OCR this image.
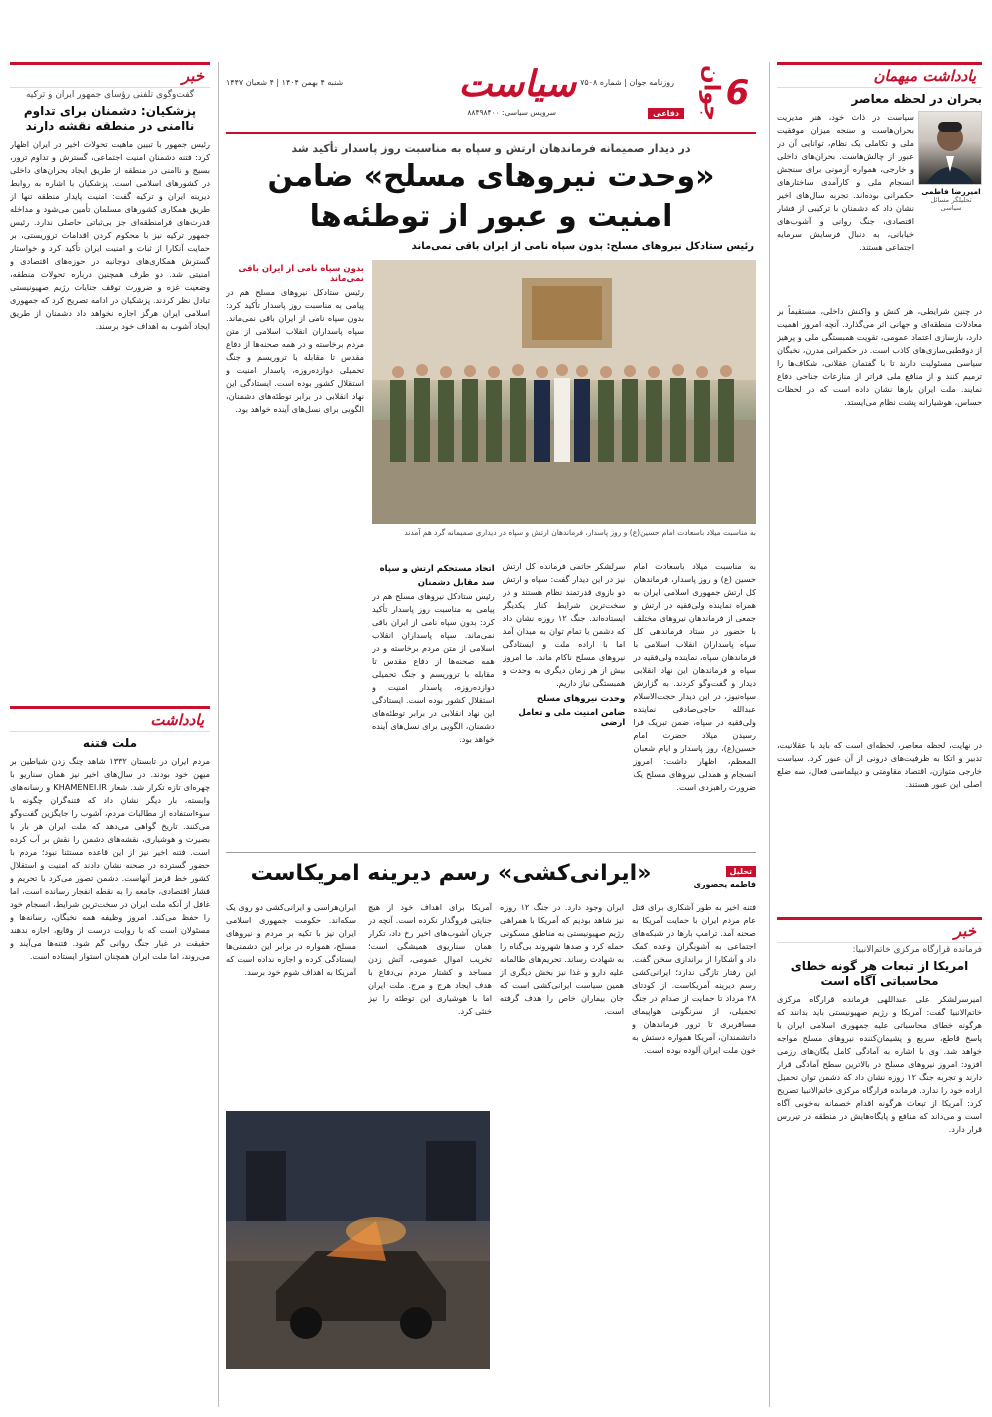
یادداشت میهمان
بحران در لحظه معاصر
امیررضا فاطمی
تحلیلگر مسائل سیاسی

سیاست در ذات خود، هنر مدیریت بحران‌هاست و سنجه میزان موفقیت ملی و تکاملی یک نظام، توانایی آن در عبور از چالش‌هاست. بحران‌های داخلی و خارجی، همواره آزمونی برای سنجش انسجام ملی و کارآمدی ساختارهای حکمرانی بوده‌اند. تجربه سال‌های اخیر نشان داد که دشمنان با ترکیبی از فشار اقتصادی، جنگ روانی و آشوب‌های خیابانی، به دنبال فرسایش سرمایه اجتماعی هستند.

در چنین شرایطی، هر کنش و واکنش داخلی، مستقیماً بر معادلات منطقه‌ای و جهانی اثر می‌گذارد. آنچه امروز اهمیت دارد، بازسازی اعتماد عمومی، تقویت همبستگی ملی و پرهیز از دوقطبی‌سازی‌های کاذب است. در حکمرانی مدرن، نخبگان سیاسی مسئولیت دارند تا با گفتمان عقلانی، شکاف‌ها را ترمیم کنند و از منافع ملی فراتر از منازعات جناحی دفاع نمایند. ملت ایران بارها نشان داده است که در لحظات حساس، هوشیارانه پشت نظام می‌ایستد.

در نهایت، لحظه معاصر، لحظه‌ای است که باید با عقلانیت، تدبیر و اتکا به ظرفیت‌های درونی از آن عبور کرد. سیاست خارجی متوازن، اقتصاد مقاومتی و دیپلماسی فعال، سه ضلع اصلی این عبور هستند.

خبر
فرمانده قرارگاه مرکزی خاتم‌الانبیا:
امریکا از تبعات هر گونه خطای محاسباتی آگاه است

امیرسرلشکر علی عبداللهی فرمانده قرارگاه مرکزی خاتم‌الانبیا گفت: آمریکا و رژیم صهیونیستی باید بدانند که هرگونه خطای محاسباتی علیه جمهوری اسلامی ایران با پاسخ قاطع، سریع و پشیمان‌کننده نیروهای مسلح مواجه خواهد شد. وی با اشاره به آمادگی کامل یگان‌های رزمی افزود: امروز نیروهای مسلح در بالاترین سطح آمادگی قرار دارند و تجربه جنگ ۱۲ روزه نشان داد که دشمن توان تحمیل اراده خود را ندارد. فرمانده قرارگاه مرکزی خاتم‌الانبیا تصریح کرد: آمریکا از تبعات هرگونه اقدام خصمانه به‌خوبی آگاه است و می‌داند که منافع و پایگاه‌هایش در منطقه در تیررس قرار دارد.

خبر
گفت‌وگوی تلفنی رؤسای جمهور ایران و ترکیه
پزشکیان: دشمنان برای تداوم ناامنی در منطقه نقشه دارند

رئیس جمهور با تبیین ماهیت تحولات اخیر در ایران اظهار کرد: فتنه دشمنان امنیت اجتماعی، گسترش و تداوم ترور، بسیج و ناامنی در منطقه از طریق ایجاد بحران‌های داخلی در کشورهای اسلامی است. پزشکیان با اشاره به روابط دیرینه ایران و ترکیه گفت: امنیت پایدار منطقه تنها از طریق همکاری کشورهای مسلمان تأمین می‌شود و مداخله قدرت‌های فرامنطقه‌ای جز بی‌ثباتی حاصلی ندارد. رئیس جمهور ترکیه نیز با محکوم کردن اقدامات تروریستی، بر حمایت آنکارا از ثبات و امنیت ایران تأکید کرد و خواستار گسترش همکاری‌های دوجانبه در حوزه‌های اقتصادی و امنیتی شد. دو طرف همچنین درباره تحولات منطقه، وضعیت غزه و ضرورت توقف جنایات رژیم صهیونیستی تبادل نظر کردند. پزشکیان در ادامه تصریح کرد که جمهوری اسلامی ایران هرگز اجازه نخواهد داد دشمنان از طریق ایجاد آشوب به اهداف خود برسند.

یادداشت
ملت فتنه

مردم ایران در تابستان ۱۳۳۲ شاهد چنگ زدن شیاطین بر میهن خود بودند. در سال‌های اخیر نیز همان سناریو با چهره‌ای تازه تکرار شد. شعار KHAMENEI.IR و رسانه‌های وابسته، بار دیگر نشان داد که فتنه‌گران چگونه با سوءاستفاده از مطالبات مردم، آشوب را جایگزین گفت‌وگو می‌کنند. تاریخ گواهی می‌دهد که ملت ایران هر بار با بصیرت و هوشیاری، نقشه‌های دشمن را نقش بر آب کرده است. فتنه اخیر نیز از این قاعده مستثنا نبود؛ مردم با حضور گسترده در صحنه نشان دادند که امنیت و استقلال کشور خط قرمز آنهاست. دشمن تصور می‌کرد با تحریم و فشار اقتصادی، جامعه را به نقطه انفجار رسانده است، اما غافل از آنکه ملت ایران در سخت‌ترین شرایط، انسجام خود را حفظ می‌کند. امروز وظیفه همه نخبگان، رسانه‌ها و مسئولان است که با روایت درست از وقایع، اجازه ندهند حقیقت در غبار جنگ روانی گم شود. فتنه‌ها می‌آیند و می‌روند، اما ملت ایران همچنان استوار ایستاده است.

6
جوان
دفاعی
سیاست روزنامه جوان | شماره ۷۵۰۸
شنبه ۴ بهمن ۱۴۰۴ | ۴ شعبان ۱۴۴۷
سرویس سیاسی: ۸۸۴۹۸۴۰۰
در دیدار صمیمانه فرماندهان ارتش و سپاه به مناسبت روز پاسدار تأکید شد
«وحدت نیروهای مسلح» ضامن امنیت و عبور از توطئه‌ها
رئیس ستادکل نیروهای مسلح: بدون سپاه نامی از ایران باقی نمی‌ماند
به مناسبت میلاد باسعادت امام حسین(ع) و روز پاسدار، فرماندهان ارتش و سپاه در دیداری صمیمانه گرد هم آمدند
بدون سپاه نامی از ایران باقی نمی‌ماند

رئیس ستادکل نیروهای مسلح هم در پیامی به مناسبت روز پاسدار تأکید کرد: بدون سپاه نامی از ایران باقی نمی‌ماند. سپاه پاسداران انقلاب اسلامی از متن مردم برخاسته و در همه صحنه‌ها از دفاع مقدس تا مقابله با تروریسم و جنگ تحمیلی دوازده‌روزه، پاسدار امنیت و استقلال کشور بوده است. ایستادگی این نهاد انقلابی در برابر توطئه‌های دشمنان، الگویی برای نسل‌های آینده خواهد بود.

به مناسبت میلاد باسعادت امام حسین (ع) و روز پاسدار، فرماندهان کل ارتش جمهوری اسلامی ایران به همراه نماینده ولی‌فقیه در ارتش و جمعی از فرماندهان نیروهای مختلف با حضور در ستاد فرماندهی کل سپاه پاسداران انقلاب اسلامی با فرماندهان سپاه، نماینده ولی‌فقیه در سپاه و فرماندهان این نهاد انقلابی دیدار و گفت‌وگو کردند. به گزارش سپاه‌نیوز، در این دیدار حجت‌الاسلام عبدالله حاجی‌صادقی نماینده ولی‌فقیه در سپاه، ضمن تبریک فرا رسیدن میلاد حضرت امام حسین(ع)، روز پاسدار و ایام شعبان المعظم، اظهار داشت: امروز انسجام و همدلی نیروهای مسلح یک ضرورت راهبردی است.

سرلشکر حاتمی فرمانده کل ارتش نیز در این دیدار گفت: سپاه و ارتش دو بازوی قدرتمند نظام هستند و در سخت‌ترین شرایط کنار یکدیگر ایستاده‌اند. جنگ ۱۲ روزه نشان داد که دشمن با تمام توان به میدان آمد اما با اراده ملت و ایستادگی نیروهای مسلح ناکام ماند. ما امروز بیش از هر زمان دیگری به وحدت و همبستگی نیاز داریم.

وحدت نیروهای مسلح
ضامن امنیت ملی و تعامل ارضی
اتحاد مستحکم ارتش و سپاه
سد مقابل دشمنان

رئیس ستادکل نیروهای مسلح هم در پیامی به مناسبت روز پاسدار تأکید کرد: بدون سپاه نامی از ایران باقی نمی‌ماند. سپاه پاسداران انقلاب اسلامی از متن مردم برخاسته و در همه صحنه‌ها از دفاع مقدس تا مقابله با تروریسم و جنگ تحمیلی دوازده‌روزه، پاسدار امنیت و استقلال کشور بوده است. ایستادگی این نهاد انقلابی در برابر توطئه‌های دشمنان، الگویی برای نسل‌های آینده خواهد بود.

تحلیل
فاطمه یحصوری
«ایرانی‌کشی» رسم دیرینه امریکاست

فتنه اخیر به طور آشکاری برای قتل عام مردم ایران با حمایت آمریکا به صحنه آمد. ترامپ بارها در شبکه‌های اجتماعی به آشوبگران وعده کمک داد و آشکارا از براندازی سخن گفت. این رفتار تازگی ندارد؛ ایرانی‌کشی رسم دیرینه آمریکاست. از کودتای ۲۸ مرداد تا حمایت از صدام در جنگ تحمیلی، از سرنگونی هواپیمای مسافربری تا ترور فرماندهان و دانشمندان، آمریکا همواره دستش به خون ملت ایران آلوده بوده است.

ایران وجود دارد. در جنگ ۱۲ روزه نیز شاهد بودیم که آمریکا با همراهی رژیم صهیونیستی به مناطق مسکونی حمله کرد و صدها شهروند بی‌گناه را به شهادت رساند. تحریم‌های ظالمانه علیه دارو و غذا نیز بخش دیگری از همین سیاست ایرانی‌کشی است که جان بیماران خاص را هدف گرفته است.

آمریکا برای اهداف خود از هیچ جنایتی فروگذار نکرده است. آنچه در جریان آشوب‌های اخیر رخ داد، تکرار همان سناریوی همیشگی است؛ تخریب اموال عمومی، آتش زدن مساجد و کشتار مردم بی‌دفاع با هدف ایجاد هرج و مرج. ملت ایران اما با هوشیاری این توطئه را نیز خنثی کرد.

ایران‌هراسی و ایرانی‌کشی دو روی یک سکه‌اند. حکومت جمهوری اسلامی ایران نیز با تکیه بر مردم و نیروهای مسلح، همواره در برابر این دشمنی‌ها ایستادگی کرده و اجازه نداده است که آمریکا به اهداف شوم خود برسد.
